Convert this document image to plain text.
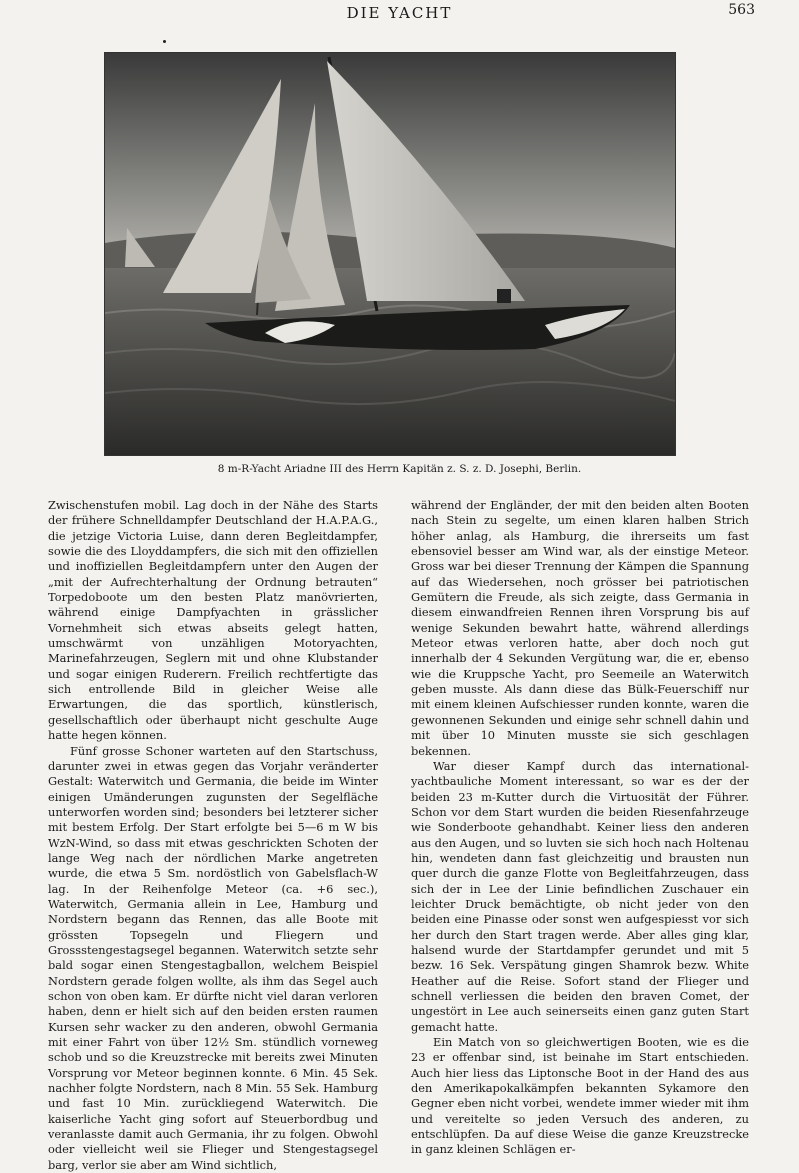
DIE YACHT	563
8 m-R-Yacht Ariadne III des Herrn Kapitän z. S. z. D. Josephi, Berlin.

Zwischenstufen mobil. Lag doch in der Nähe des Starts der frühere Schnelldampfer Deutschland der H.A.P.A.G., die jetzige Victoria Luise, dann deren Begleitdampfer, sowie die des Lloyddampfers, die sich mit den offiziellen und inoffiziellen Begleitdampfern unter den Augen der „mit der Aufrechterhaltung der Ordnung betrauten“ Torpedoboote um den besten Platz manövrierten, während einige Dampfyachten in grässlicher Vornehmheit sich etwas abseits gelegt hatten, umschwärmt von unzähligen Motoryachten, Marinefahrzeugen, Seglern mit und ohne Klubstander und sogar einigen Ruderern. Freilich rechtfertigte das sich entrollende Bild in gleicher Weise alle Erwartungen, die das sportlich, künstlerisch, gesellschaftlich oder überhaupt nicht geschulte Auge hatte hegen können.

Fünf grosse Schoner warteten auf den Startschuss, darunter zwei in etwas gegen das Vorjahr veränderter Gestalt: Waterwitch und Germania, die beide im Winter einigen Umänderungen zugunsten der Segelfläche unterworfen worden sind; besonders bei letzterer sicher mit bestem Erfolg. Der Start erfolgte bei 5—6 m W bis WzN-Wind, so dass mit etwas geschrickten Schoten der lange Weg nach der nördlichen Marke angetreten wurde, die etwa 5 Sm. nordöstlich von Gabelsflach-W lag. In der Reihenfolge Meteor (ca. +6 sec.), Waterwitch, Germania allein in Lee, Hamburg und Nordstern begann das Rennen, das alle Boote mit grössten Topsegeln und Fliegern und Grossstengestagsegel begannen. Waterwitch setzte sehr bald sogar einen Stengestagballon, welchem Beispiel Nordstern gerade folgen wollte, als ihm das Segel auch schon von oben kam. Er dürfte nicht viel daran verloren haben, denn er hielt sich auf den beiden ersten raumen Kursen sehr wacker zu den anderen, obwohl Germania mit einer Fahrt von über 12½ Sm. stündlich vorneweg schob und so die Kreuzstrecke mit bereits zwei Minuten Vorsprung vor Meteor beginnen konnte. 6 Min. 45 Sek. nachher folgte Nordstern, nach 8 Min. 55 Sek. Hamburg und fast 10 Min. zurückliegend Waterwitch. Die kaiserliche Yacht ging sofort auf Steuerbordbug und veranlasste damit auch Germania, ihr zu folgen. Obwohl oder vielleicht weil sie Flieger und Stengestagsegel barg, verlor sie aber am Wind sichtlich,

während der Engländer, der mit den beiden alten Booten nach Stein zu segelte, um einen klaren halben Strich höher anlag, als Hamburg, die ihrerseits um fast ebensoviel besser am Wind war, als der einstige Meteor. Gross war bei dieser Trennung der Kämpen die Spannung auf das Wiedersehen, noch grösser bei patriotischen Gemütern die Freude, als sich zeigte, dass Germania in diesem einwandfreien Rennen ihren Vorsprung bis auf wenige Sekunden bewahrt hatte, während allerdings Meteor etwas verloren hatte, aber doch noch gut innerhalb der 4 Sekunden Vergütung war, die er, ebenso wie die Kruppsche Yacht, pro Seemeile an Waterwitch geben musste. Als dann diese das Bülk-Feuerschiff nur mit einem kleinen Aufschiesser runden konnte, waren die gewonnenen Sekunden und einige sehr schnell dahin und mit über 10 Minuten musste sie sich geschlagen bekennen.

War dieser Kampf durch das international-yachtbauliche Moment interessant, so war es der der beiden 23 m-Kutter durch die Virtuosität der Führer. Schon vor dem Start wurden die beiden Riesenfahrzeuge wie Sonderboote gehandhabt. Keiner liess den anderen aus den Augen, und so luvten sie sich hoch nach Holtenau hin, wendeten dann fast gleichzeitig und brausten nun quer durch die ganze Flotte von Begleitfahrzeugen, dass sich der in Lee der Linie befindlichen Zuschauer ein leichter Druck bemächtigte, ob nicht jeder von den beiden eine Pinasse oder sonst wen aufgespiesst vor sich her durch den Start tragen werde. Aber alles ging klar, halsend wurde der Startdampfer gerundet und mit 5 bezw. 16 Sek. Verspätung gingen Shamrok bezw. White Heather auf die Reise. Sofort stand der Flieger und schnell verliessen die beiden den braven Comet, der ungestört in Lee auch seinerseits einen ganz guten Start gemacht hatte.

Ein Match von so gleichwertigen Booten, wie es die 23 er offenbar sind, ist beinahe im Start entschieden. Auch hier liess das Liptonsche Boot in der Hand des aus den Amerikapokalkämpfen bekannten Sykamore den Gegner eben nicht vorbei, wendete immer wieder mit ihm und vereitelte so jeden Versuch des anderen, zu entschlüpfen. Da auf diese Weise die ganze Kreuzstrecke in ganz kleinen Schlägen er-
